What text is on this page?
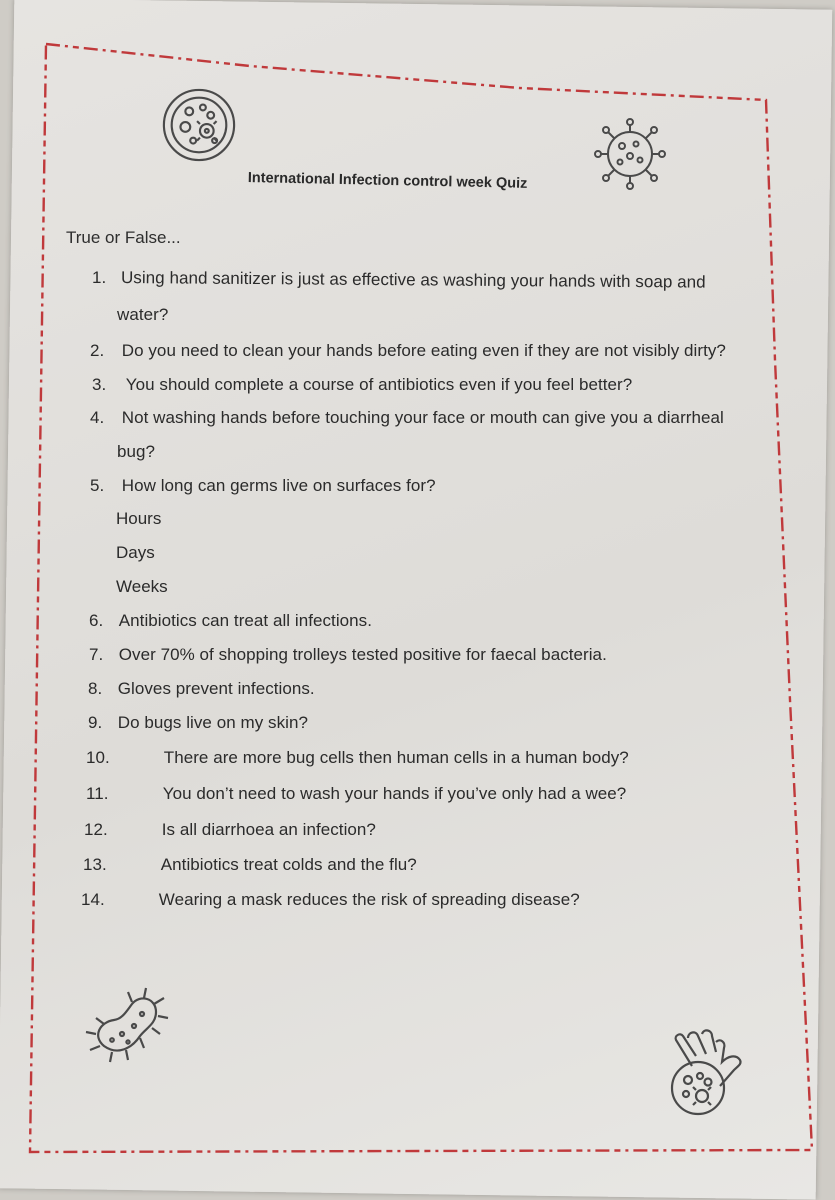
International Infection control week Quiz
True or False...
1. Using hand sanitizer is just as effective as washing your hands with soap and
water?
2. Do you need to clean your hands before eating even if they are not visibly dirty?
3. You should complete a course of antibiotics even if you feel better?
4. Not washing hands before touching your face or mouth can give you a diarrheal
bug?
5. How long can germs live on surfaces for?
Hours
Days
Weeks
6. Antibiotics can treat all infections.
7. Over 70% of shopping trolleys tested positive for faecal bacteria.
8. Gloves prevent infections.
9. Do bugs live on my skin?
10.	There are more bug cells then human cells in a human body?
11.	You don’t need to wash your hands if you’ve only had a wee?
12.	Is all diarrhoea an infection?
13.	Antibiotics treat colds and the flu?
14.	Wearing a mask reduces the risk of spreading disease?
